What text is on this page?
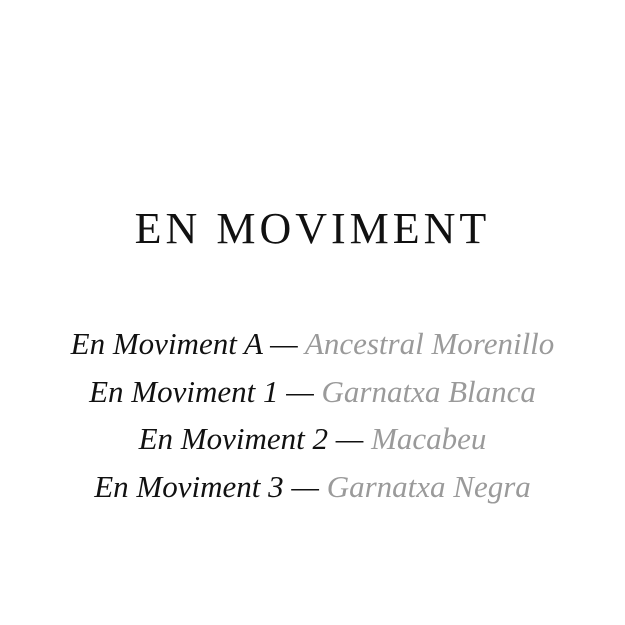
EN MOVIMENT
En Moviment A — Ancestral Morenillo
En Moviment 1 — Garnatxa Blanca
En Moviment 2 — Macabeu
En Moviment 3 — Garnatxa Negra
